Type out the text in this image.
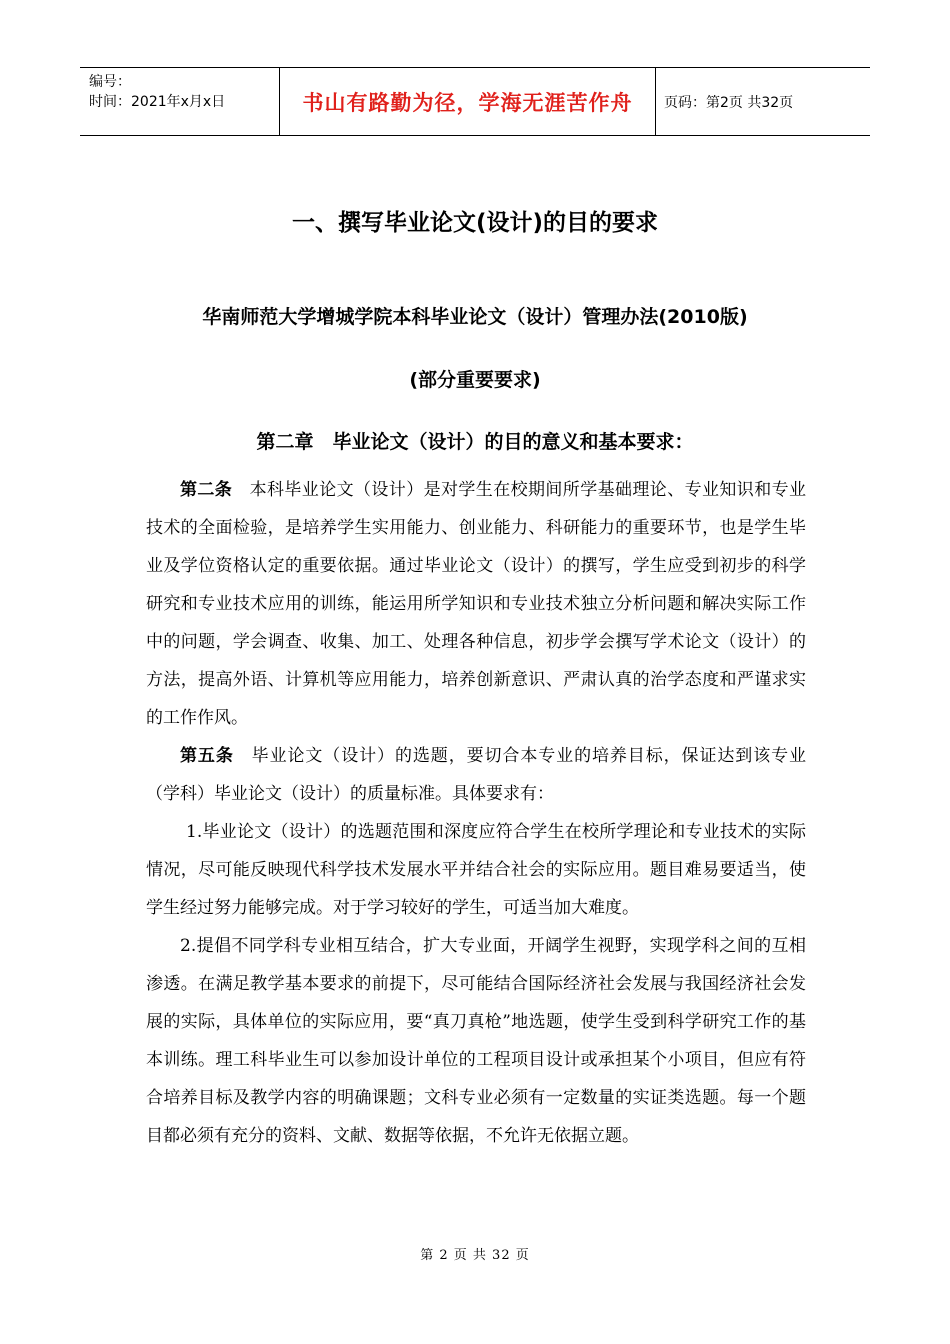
编号：
时间：2021年x月x日	书山有路勤为径，学海无涯苦作舟 页码：第2页 共32页
一、撰写毕业论文(设计)的目的要求
华南师范大学增城学院本科毕业论文（设计）管理办法(2010版)
(部分重要要求)
第二章　毕业论文（设计）的目的意义和基本要求：

第二条　本科毕业论文（设计）是对学生在校期间所学基础理论、专业知识和专业技术的全面检验，是培养学生实用能力、创业能力、科研能力的重要环节，也是学生毕业及学位资格认定的重要依据。通过毕业论文（设计）的撰写，学生应受到初步的科学研究和专业技术应用的训练，能运用所学知识和专业技术独立分析问题和解决实际工作中的问题，学会调查、收集、加工、处理各种信息，初步学会撰写学术论文（设计）的方法，提高外语、计算机等应用能力，培养创新意识、严肃认真的治学态度和严谨求实的工作作风。

第五条　毕业论文（设计）的选题，要切合本专业的培养目标，保证达到该专业（学科）毕业论文（设计）的质量标准。具体要求有：

1.毕业论文（设计）的选题范围和深度应符合学生在校所学理论和专业技术的实际情况，尽可能反映现代科学技术发展水平并结合社会的实际应用。题目难易要适当，使学生经过努力能够完成。对于学习较好的学生，可适当加大难度。

2.提倡不同学科专业相互结合，扩大专业面，开阔学生视野，实现学科之间的互相渗透。在满足教学基本要求的前提下，尽可能结合国际经济社会发展与我国经济社会发展的实际，具体单位的实际应用，要“真刀真枪”地选题，使学生受到科学研究工作的基本训练。理工科毕业生可以参加设计单位的工程项目设计或承担某个小项目，但应有符合培养目标及教学内容的明确课题；文科专业必须有一定数量的实证类选题。每一个题目都必须有充分的资料、文献、数据等依据，不允许无依据立题。

第 2 页 共 32 页
